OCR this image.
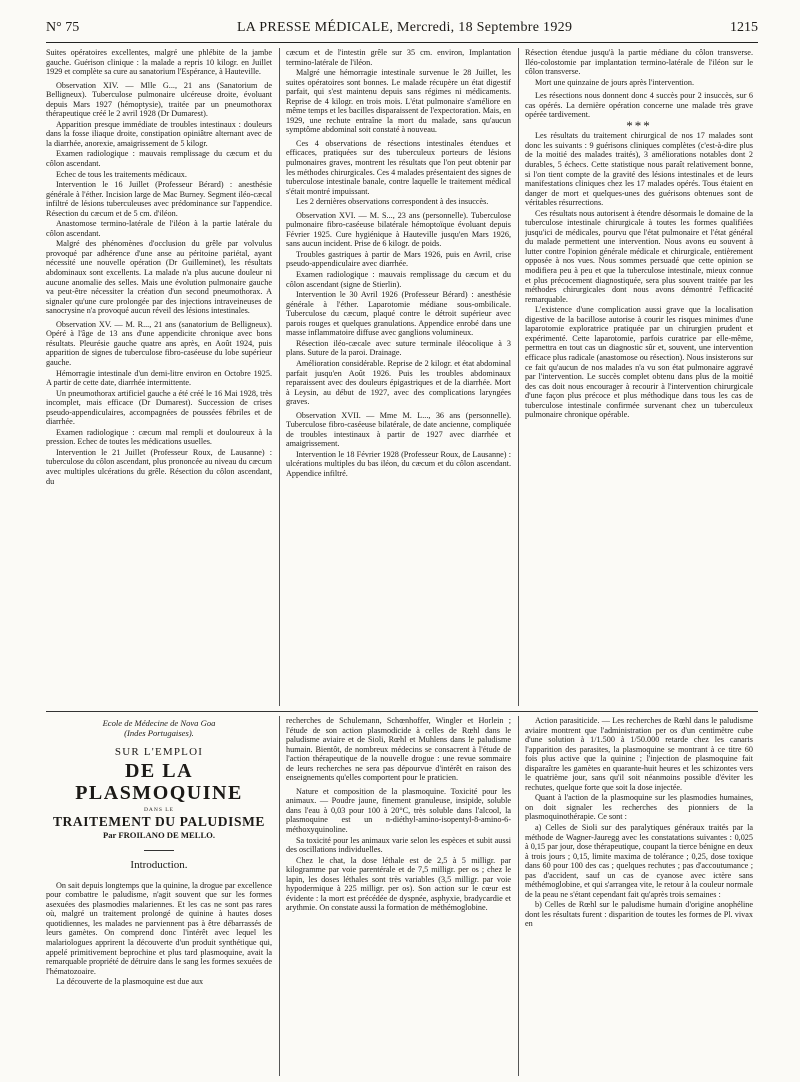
N° 75	LA PRESSE MÉDICALE, Mercredi, 18 Septembre 1929	1215

Suites opératoires excellentes, malgré une phlébite de la jambe gauche. Guérison clinique : la malade a repris 10 kilogr. en Juillet 1929 et complète sa cure au sanatorium l'Espérance, à Hauteville.

Observation XIV. — Mlle G..., 21 ans (Sanatorium de Belligneux). Tuberculose pulmonaire ulcéreuse droite, évoluant depuis Mars 1927 (hémoptysie), traitée par un pneumothorax thérapeutique créé le 2 avril 1928 (Dr Dumarest).

Apparition presque immédiate de troubles intestinaux : douleurs dans la fosse iliaque droite, constipation opiniâtre alternant avec de la diarrhée, anorexie, amaigrissement de 5 kilogr.

Examen radiologique : mauvais remplissage du cæcum et du côlon ascendant.

Echec de tous les traitements médicaux.

Intervention le 16 Juillet (Professeur Bérard) : anesthésie générale à l'éther. Incision large de Mac Burney. Segment iléo-cæcal infiltré de lésions tuberculeuses avec prédominance sur l'appendice. Résection du cæcum et de 5 cm. d'iléon.

Anastomose termino-latérale de l'iléon à la partie latérale du côlon ascendant.

Malgré des phénomènes d'occlusion du grêle par volvulus provoqué par adhérence d'une anse au péritoine pariétal, ayant nécessité une nouvelle opération (Dr Guilleminet), les résultats abdominaux sont excellents. La malade n'a plus aucune douleur ni aucune anomalie des selles. Mais une évolution pulmonaire gauche va peut-être nécessiter la création d'un second pneumothorax. A signaler qu'une cure prolongée par des injections intraveineuses de sanocrysine n'a provoqué aucun réveil des lésions intestinales.

Observation XV. — M. R..., 21 ans (sanatorium de Belligneux). Opéré à l'âge de 13 ans d'une appendicite chronique avec bons résultats. Pleurésie gauche quatre ans après, en Août 1924, puis apparition de signes de tuberculose fibro-caséeuse du lobe supérieur gauche.

Hémorragie intestinale d'un demi-litre environ en Octobre 1925. A partir de cette date, diarrhée intermittente.

Un pneumothorax artificiel gauche a été créé le 16 Mai 1928, très incomplet, mais efficace (Dr Dumarest). Succession de crises pseudo-appendiculaires, accompagnées de poussées fébriles et de diarrhée.

Examen radiologique : cæcum mal rempli et douloureux à la pression. Echec de toutes les médications usuelles.

Intervention le 21 Juillet (Professeur Roux, de Lausanne) : tuberculose du côlon ascendant, plus prononcée au niveau du cæcum avec multiples ulcérations du grêle. Résection du côlon ascendant, du

cæcum et de l'intestin grêle sur 35 cm. environ, Implantation termino-latérale de l'iléon.

Malgré une hémorragie intestinale survenue le 28 Juillet, les suites opératoires sont bonnes. Le malade récupère un état digestif parfait, qui s'est maintenu depuis sans régimes ni médicaments. Reprise de 4 kilogr. en trois mois. L'état pulmonaire s'améliore en même temps et les bacilles disparaissent de l'expectoration. Mais, en 1929, une rechute entraîne la mort du malade, sans qu'aucun symptôme abdominal soit constaté à nouveau.

Ces 4 observations de résections intestinales étendues et efficaces, pratiquées sur des tuberculeux porteurs de lésions pulmonaires graves, montrent les résultats que l'on peut obtenir par les méthodes chirurgicales. Ces 4 malades présentaient des signes de tuberculose intestinale banale, contre laquelle le traitement médical s'était montré impuissant.

Les 2 dernières observations correspondent à des insuccès.

Observation XVI. — M. S..., 23 ans (personnelle). Tuberculose pulmonaire fibro-caséeuse bilatérale hémoptoïque évoluant depuis Février 1925. Cure hygiénique à Hauteville jusqu'en Mars 1926, sans aucun incident. Prise de 6 kilogr. de poids.

Troubles gastriques à partir de Mars 1926, puis en Avril, crise pseudo-appendiculaire avec diarrhée.

Examen radiologique : mauvais remplissage du cæcum et du côlon ascendant (signe de Stierlin).

Intervention le 30 Avril 1926 (Professeur Bérard) : anesthésie générale à l'éther. Laparotomie médiane sous-ombilicale. Tuberculose du cæcum, plaqué contre le détroit supérieur avec parois rouges et quelques granulations. Appendice enrobé dans une masse inflammatoire diffuse avec ganglions volumineux.

Résection iléo-cæcale avec suture terminale iléocolique à 3 plans. Suture de la paroi. Drainage.

Amélioration considérable. Reprise de 2 kilogr. et état abdominal parfait jusqu'en Août 1926. Puis les troubles abdominaux reparaissent avec des douleurs épigastriques et de la diarrhée. Mort à Leysin, au début de 1927, avec des complications laryngées graves.

Observation XVII. — Mme M. L..., 36 ans (personnelle). Tuberculose fibro-caséeuse bilatérale, de date ancienne, compliquée de troubles intestinaux à partir de 1927 avec diarrhée et amaigrissement.

Intervention le 18 Février 1928 (Professeur Roux, de Lausanne) : ulcérations multiples du bas iléon, du cæcum et du côlon ascendant. Appendice infiltré.

Résection étendue jusqu'à la partie médiane du côlon transverse. Iléo-colostomie par implantation termino-latérale de l'iléon sur le côlon transverse.

Mort une quinzaine de jours après l'intervention.

Les résections nous donnent donc 4 succès pour 2 insuccès, sur 6 cas opérés. La dernière opération concerne une malade très grave opérée tardivement.

***

Les résultats du traitement chirurgical de nos 17 malades sont donc les suivants : 9 guérisons cliniques complètes (c'est-à-dire plus de la moitié des malades traités), 3 améliorations notables dont 2 durables, 5 échecs. Cette statistique nous paraît relativement bonne, si l'on tient compte de la gravité des lésions intestinales et de leurs manifestations cliniques chez les 17 malades opérés. Tous étaient en danger de mort et quelques-unes des guérisons obtenues sont de véritables résurrections.

Ces résultats nous autorisent à étendre désormais le domaine de la tuberculose intestinale chirurgicale à toutes les formes qualifiées jusqu'ici de médicales, pourvu que l'état pulmonaire et l'état général du malade permettent une intervention. Nous avons eu souvent à lutter contre l'opinion générale médicale et chirurgicale, entièrement opposée à nos vues. Nous sommes persuadé que cette opinion se modifiera peu à peu et que la tuberculose intestinale, mieux connue et plus précocement diagnostiquée, sera plus souvent traitée par les méthodes chirurgicales dont nous avons démontré l'efficacité remarquable.

L'existence d'une complication aussi grave que la localisation digestive de la bacillose autorise à courir les risques minimes d'une laparotomie exploratrice pratiquée par un chirurgien prudent et expérimenté. Cette laparotomie, parfois curatrice par elle-même, permettra en tout cas un diagnostic sûr et, souvent, une intervention efficace plus radicale (anastomose ou résection). Nous insisterons sur ce fait qu'aucun de nos malades n'a vu son état pulmonaire aggravé par l'intervention. Le succès complet obtenu dans plus de la moitié des cas doit nous encourager à recourir à l'intervention chirurgicale d'une façon plus précoce et plus méthodique dans tous les cas de tuberculose intestinale confirmée survenant chez un tuberculeux pulmonaire chronique opérable.

Ecole de Médecine de Nova Goa
(Indes Portugaises).
SUR L'EMPLOI
DE LA PLASMOQUINE
DANS LE
TRAITEMENT DU PALUDISME
Par FROILANO DE MELLO.
Introduction.

On sait depuis longtemps que la quinine, la drogue par excellence pour combattre le paludisme, n'agit souvent que sur les formes asexuées des plasmodies malariennes. Et les cas ne sont pas rares où, malgré un traitement prolongé de quinine à hautes doses quotidiennes, les malades ne parviennent pas à être débarrassés de leurs gamètes. On comprend donc l'intérêt avec lequel les malariologues apprirent la découverte d'un produit synthétique qui, appelé primitivement beprochine et plus tard plasmoquine, avait la remarquable propriété de détruire dans le sang les formes sexuées de l'hématozoaire.

La découverte de la plasmoquine est due aux

recherches de Schulemann, Schœnhoffer, Wingler et Horlein ; l'étude de son action plasmodicide à celles de Rœhl dans le paludisme aviaire et de Sioli, Rœhl et Muhlens dans le paludisme humain. Bientôt, de nombreux médecins se consacrent à l'étude de l'action thérapeutique de la nouvelle drogue : une revue sommaire de leurs recherches ne sera pas dépourvue d'intérêt en raison des enseignements qu'elles comportent pour le praticien.

Nature et composition de la plasmoquine. Toxicité pour les animaux. — Poudre jaune, finement granuleuse, insipide, soluble dans l'eau à 0,03 pour 100 à 20°C, très soluble dans l'alcool, la plasmoquine est un n-diéthyl-amino-isopentyl-8-amino-6-méthoxyquinoline.

Sa toxicité pour les animaux varie selon les espèces et subit aussi des oscillations individuelles.

Chez le chat, la dose léthale est de 2,5 à 5 milligr. par kilogramme par voie parentérale et de 7,5 milligr. per os ; chez le lapin, les doses léthales sont très variables (3,5 milligr. par voie hypodermique à 225 milligr. per os). Son action sur le cœur est évidente : la mort est précédée de dyspnée, asphyxie, bradycardie et arythmie. On constate aussi la formation de méthémoglobine.

Action parasiticide. — Les recherches de Rœhl dans le paludisme aviaire montrent que l'administration per os d'un centimètre cube d'une solution à 1/1.500 à 1/50.000 retarde chez les canaris l'apparition des parasites, la plasmoquine se montrant à ce titre 60 fois plus active que la quinine ; l'injection de plasmoquine fait disparaître les gamètes en quarante-huit heures et les schizontes vers le quatrième jour, sans qu'il soit néanmoins possible d'éviter les rechutes, quelque forte que soit la dose injectée.

Quant à l'action de la plasmoquine sur les plasmodies humaines, on doit signaler les recherches des pionniers de la plasmoquinothérapie. Ce sont :

a) Celles de Sioli sur des paralytiques généraux traités par la méthode de Wagner-Jauregg avec les constatations suivantes : 0,025 à 0,15 par jour, dose thérapeutique, coupant la tierce bénigne en deux à trois jours ; 0,15, limite maxima de tolérance ; 0,25, dose toxique dans 60 pour 100 des cas ; quelques rechutes ; pas d'accoutumance ; pas d'accident, sauf un cas de cyanose avec ictère sans méthémoglobine, et qui s'arrangea vite, le retour à la couleur normale de la peau ne s'étant cependant fait qu'après trois semaines :

b) Celles de Rœhl sur le paludisme humain d'origine anophéline dont les résultats furent : disparition de toutes les formes de Pl. vivax en
